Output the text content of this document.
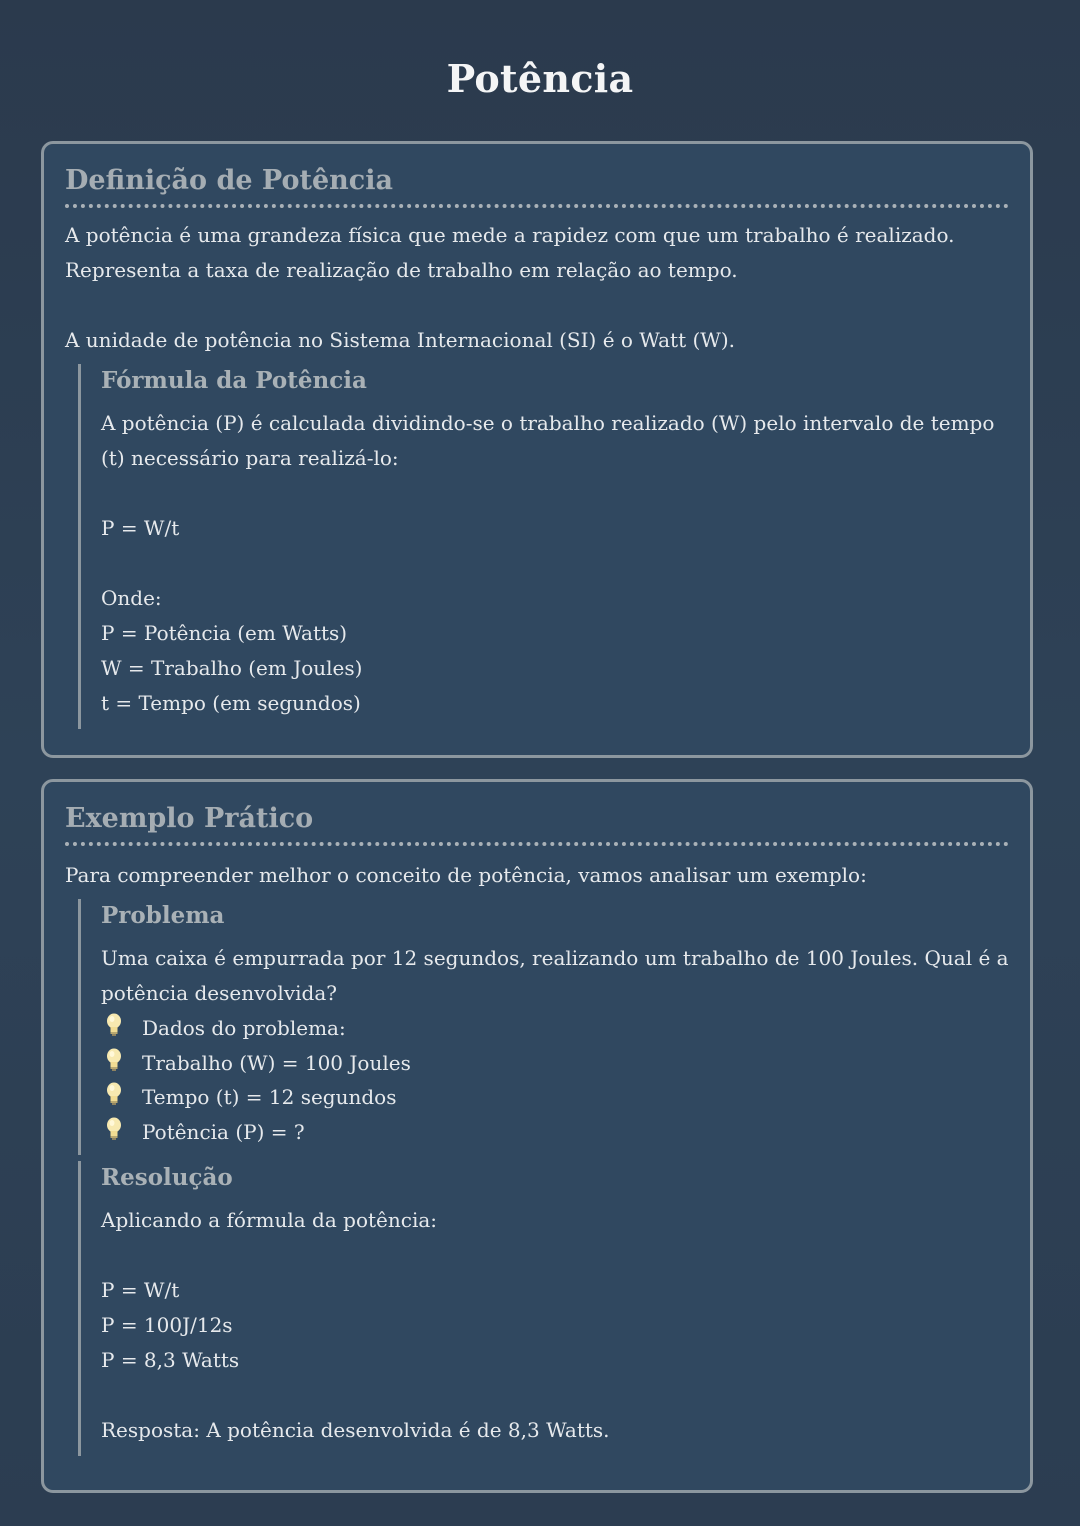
Potência
Definição de Potência

A potência é uma grandeza física que mede a rapidez com que um trabalho é realizado.

Representa a taxa de realização de trabalho em relação ao tempo.

A unidade de potência no Sistema Internacional (SI) é o Watt (W).

Fórmula da Potência

A potência (P) é calculada dividindo-se o trabalho realizado (W) pelo intervalo de tempo

(t) necessário para realizá-lo:

P = W/t

Onde:

P = Potência (em Watts)

W = Trabalho (em Joules)

t = Tempo (em segundos)

Exemplo Prático

Para compreender melhor o conceito de potência, vamos analisar um exemplo:

Problema

Uma caixa é empurrada por 12 segundos, realizando um trabalho de 100 Joules. Qual é a

potência desenvolvida?

Dados do problema:
Trabalho (W) = 100 Joules
Tempo (t) = 12 segundos
Potência (P) = ?
Resolução

Aplicando a fórmula da potência:

P = W/t

P = 100J/12s

P = 8,3 Watts

Resposta: A potência desenvolvida é de 8,3 Watts.
